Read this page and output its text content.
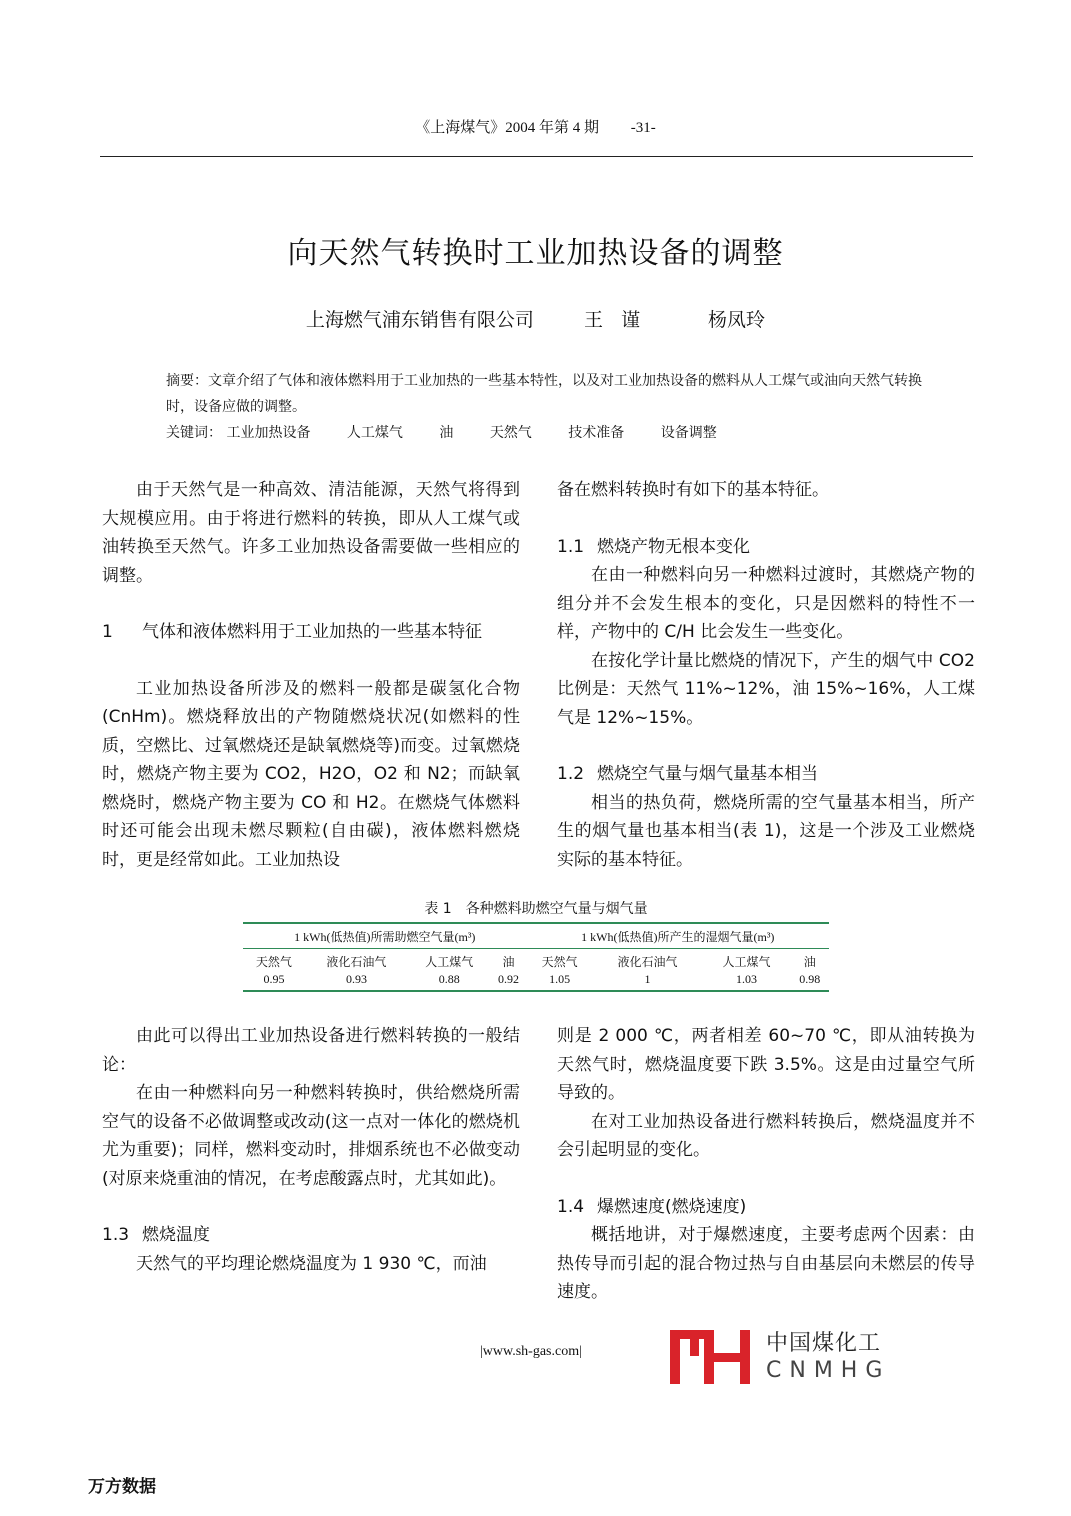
《上海煤气》2004 年第 4 期 -31-
向天然气转换时工业加热设备的调整
上海燃气浦东销售有限公司	王谨	杨凤玲
摘要：文章介绍了气体和液体燃料用于工业加热的一些基本特性，以及对工业加热设备的燃料从人工煤气或油向天然气转换时，设备应做的调整。
关键词： 工业加热设备	人工煤气	油	天然气	技术准备	设备调整

由于天然气是一种高效、清洁能源，天然气将得到大规模应用。由于将进行燃料的转换，即从人工煤气或油转换至天然气。许多工业加热设备需要做一些相应的调整。

1 气体和液体燃料用于工业加热的一些基本特征

工业加热设备所涉及的燃料一般都是碳氢化合物(CnHm)。燃烧释放出的产物随燃烧状况(如燃料的性质，空燃比、过氧燃烧还是缺氧燃烧等)而变。过氧燃烧时，燃烧产物主要为 CO2，H2O，O2 和 N2；而缺氧燃烧时，燃烧产物主要为 CO 和 H2。在燃烧气体燃料时还可能会出现未燃尽颗粒(自由碳)，液体燃料燃烧时，更是经常如此。工业加热设

备在燃料转换时有如下的基本特征。

1.1 燃烧产物无根本变化

在由一种燃料向另一种燃料过渡时，其燃烧产物的组分并不会发生根本的变化，只是因燃料的特性不一样，产物中的 C/H 比会发生一些变化。

在按化学计量比燃烧的情况下，产生的烟气中 CO2 比例是：天然气 11%~12%，油 15%~16%，人工煤气是 12%~15%。

1.2 燃烧空气量与烟气量基本相当

相当的热负荷，燃烧所需的空气量基本相当，所产生的烟气量也基本相当(表 1)，这是一个涉及工业燃烧实际的基本特征。

表 1　各种燃料助燃空气量与烟气量
1 kWh(低热值)所需助燃空气量(m³)				1 kWh(低热值)所产生的湿烟气量(m³)			
天然气	液化石油气	人工煤气	油	天然气	液化石油气	人工煤气	油
0.95	0.93	0.88	0.92	1.05	1	1.03	0.98

由此可以得出工业加热设备进行燃料转换的一般结论：

在由一种燃料向另一种燃料转换时，供给燃烧所需空气的设备不必做调整或改动(这一点对一体化的燃烧机尤为重要)；同样，燃料变动时，排烟系统也不必做变动(对原来烧重油的情况，在考虑酸露点时，尤其如此)。

1.3 燃烧温度

天然气的平均理论燃烧温度为 1 930 ℃，而油

则是 2 000 ℃，两者相差 60~70 ℃，即从油转换为天然气时，燃烧温度要下跌 3.5%。这是由过量空气所导致的。

在对工业加热设备进行燃料转换后，燃烧温度并不会引起明显的变化。

1.4 爆燃速度(燃烧速度)

概括地讲，对于爆燃速度，主要考虑两个因素：由热传导而引起的混合物过热与自由基层向未燃层的传导速度。

|www.sh-gas.com|	中国煤化工
CNMHG
万方数据
